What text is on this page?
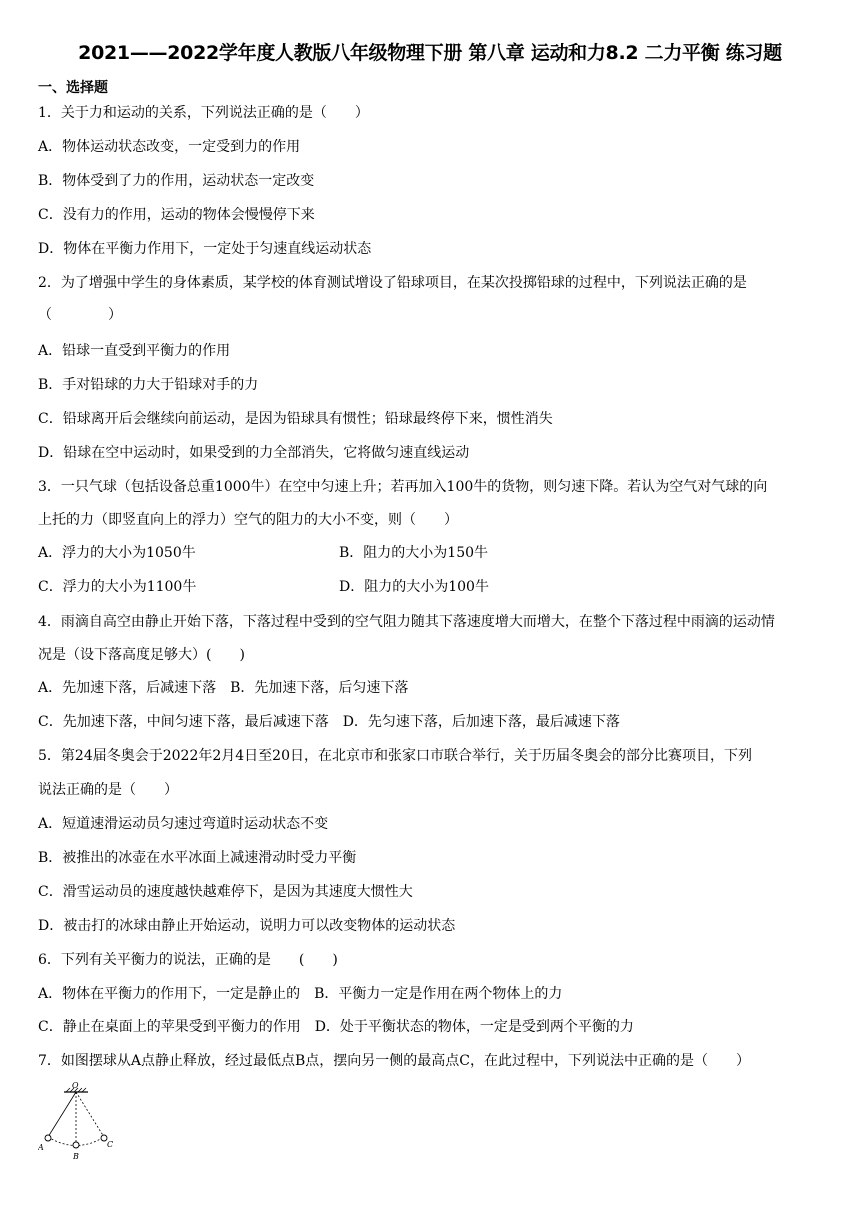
2021——2022学年度人教版八年级物理下册 第八章 运动和力8.2 二力平衡 练习题
一、选择题
1．关于力和运动的关系，下列说法正确的是（　　）
A．物体运动状态改变，一定受到力的作用
B．物体受到了力的作用，运动状态一定改变
C．没有力的作用，运动的物体会慢慢停下来
D．物体在平衡力作用下，一定处于匀速直线运动状态
2．为了增强中学生的身体素质，某学校的体育测试增设了铅球项目，在某次投掷铅球的过程中，下列说法正确的是
（　　　　）
A．铅球一直受到平衡力的作用
B．手对铅球的力大于铅球对手的力
C．铅球离开后会继续向前运动，是因为铅球具有惯性；铅球最终停下来，惯性消失
D．铅球在空中运动时，如果受到的力全部消失，它将做匀速直线运动
3．一只气球（包括设备总重1000牛）在空中匀速上升；若再加入100牛的货物，则匀速下降。若认为空气对气球的向
上托的力（即竖直向上的浮力）空气的阻力的大小不变，则（　　）
A．浮力的大小为1050牛	B．阻力的大小为150牛
C．浮力的大小为1100牛	D．阻力的大小为100牛
4．雨滴自高空由静止开始下落，下落过程中受到的空气阻力随其下落速度增大而增大，在整个下落过程中雨滴的运动情
况是（设下落高度足够大）(　　)
A．先加速下落，后减速下落　B．先加速下落，后匀速下落
C．先加速下落，中间匀速下落，最后减速下落　D．先匀速下落，后加速下落，最后减速下落
5．第24届冬奥会于2022年2月4日至20日，在北京市和张家口市联合举行，关于历届冬奥会的部分比赛项目，下列
说法正确的是（　　）
A．短道速滑运动员匀速过弯道时运动状态不变
B．被推出的冰壶在水平冰面上减速滑动时受力平衡
C．滑雪运动员的速度越快越难停下，是因为其速度大惯性大
D．被击打的冰球由静止开始运动，说明力可以改变物体的运动状态
6．下列有关平衡力的说法，正确的是　　(　　)
A．物体在平衡力的作用下，一定是静止的　B．平衡力一定是作用在两个物体上的力
C．静止在桌面上的苹果受到平衡力的作用　D．处于平衡状态的物体，一定是受到两个平衡的力
7．如图摆球从A点静止释放，经过最低点B点，摆向另一侧的最高点C，在此过程中，下列说法中正确的是（　　）
O
A
B
C
